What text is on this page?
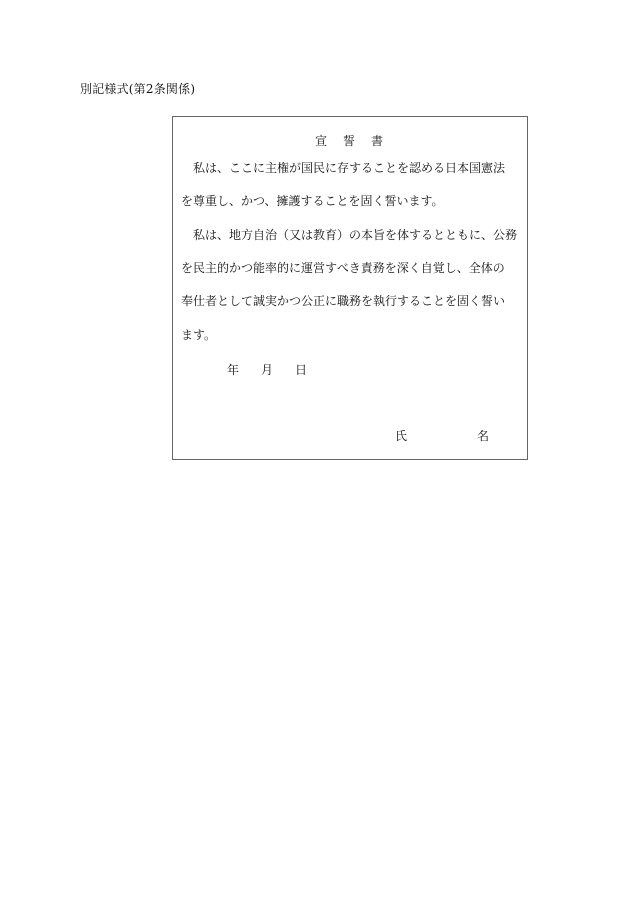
別記様式(第2条関係)
宣　誓　書
　私は、ここに主権が国民に存することを認める日本国憲法
を尊重し、かつ、擁護することを固く誓います。
　私は、地方自治（又は教育）の本旨を体するとともに、公務
を民主的かつ能率的に運営すべき責務を深く自覚し、全体の
奉仕者として誠実かつ公正に職務を執行することを固く誓い
ます。
年 月 日
氏	名
